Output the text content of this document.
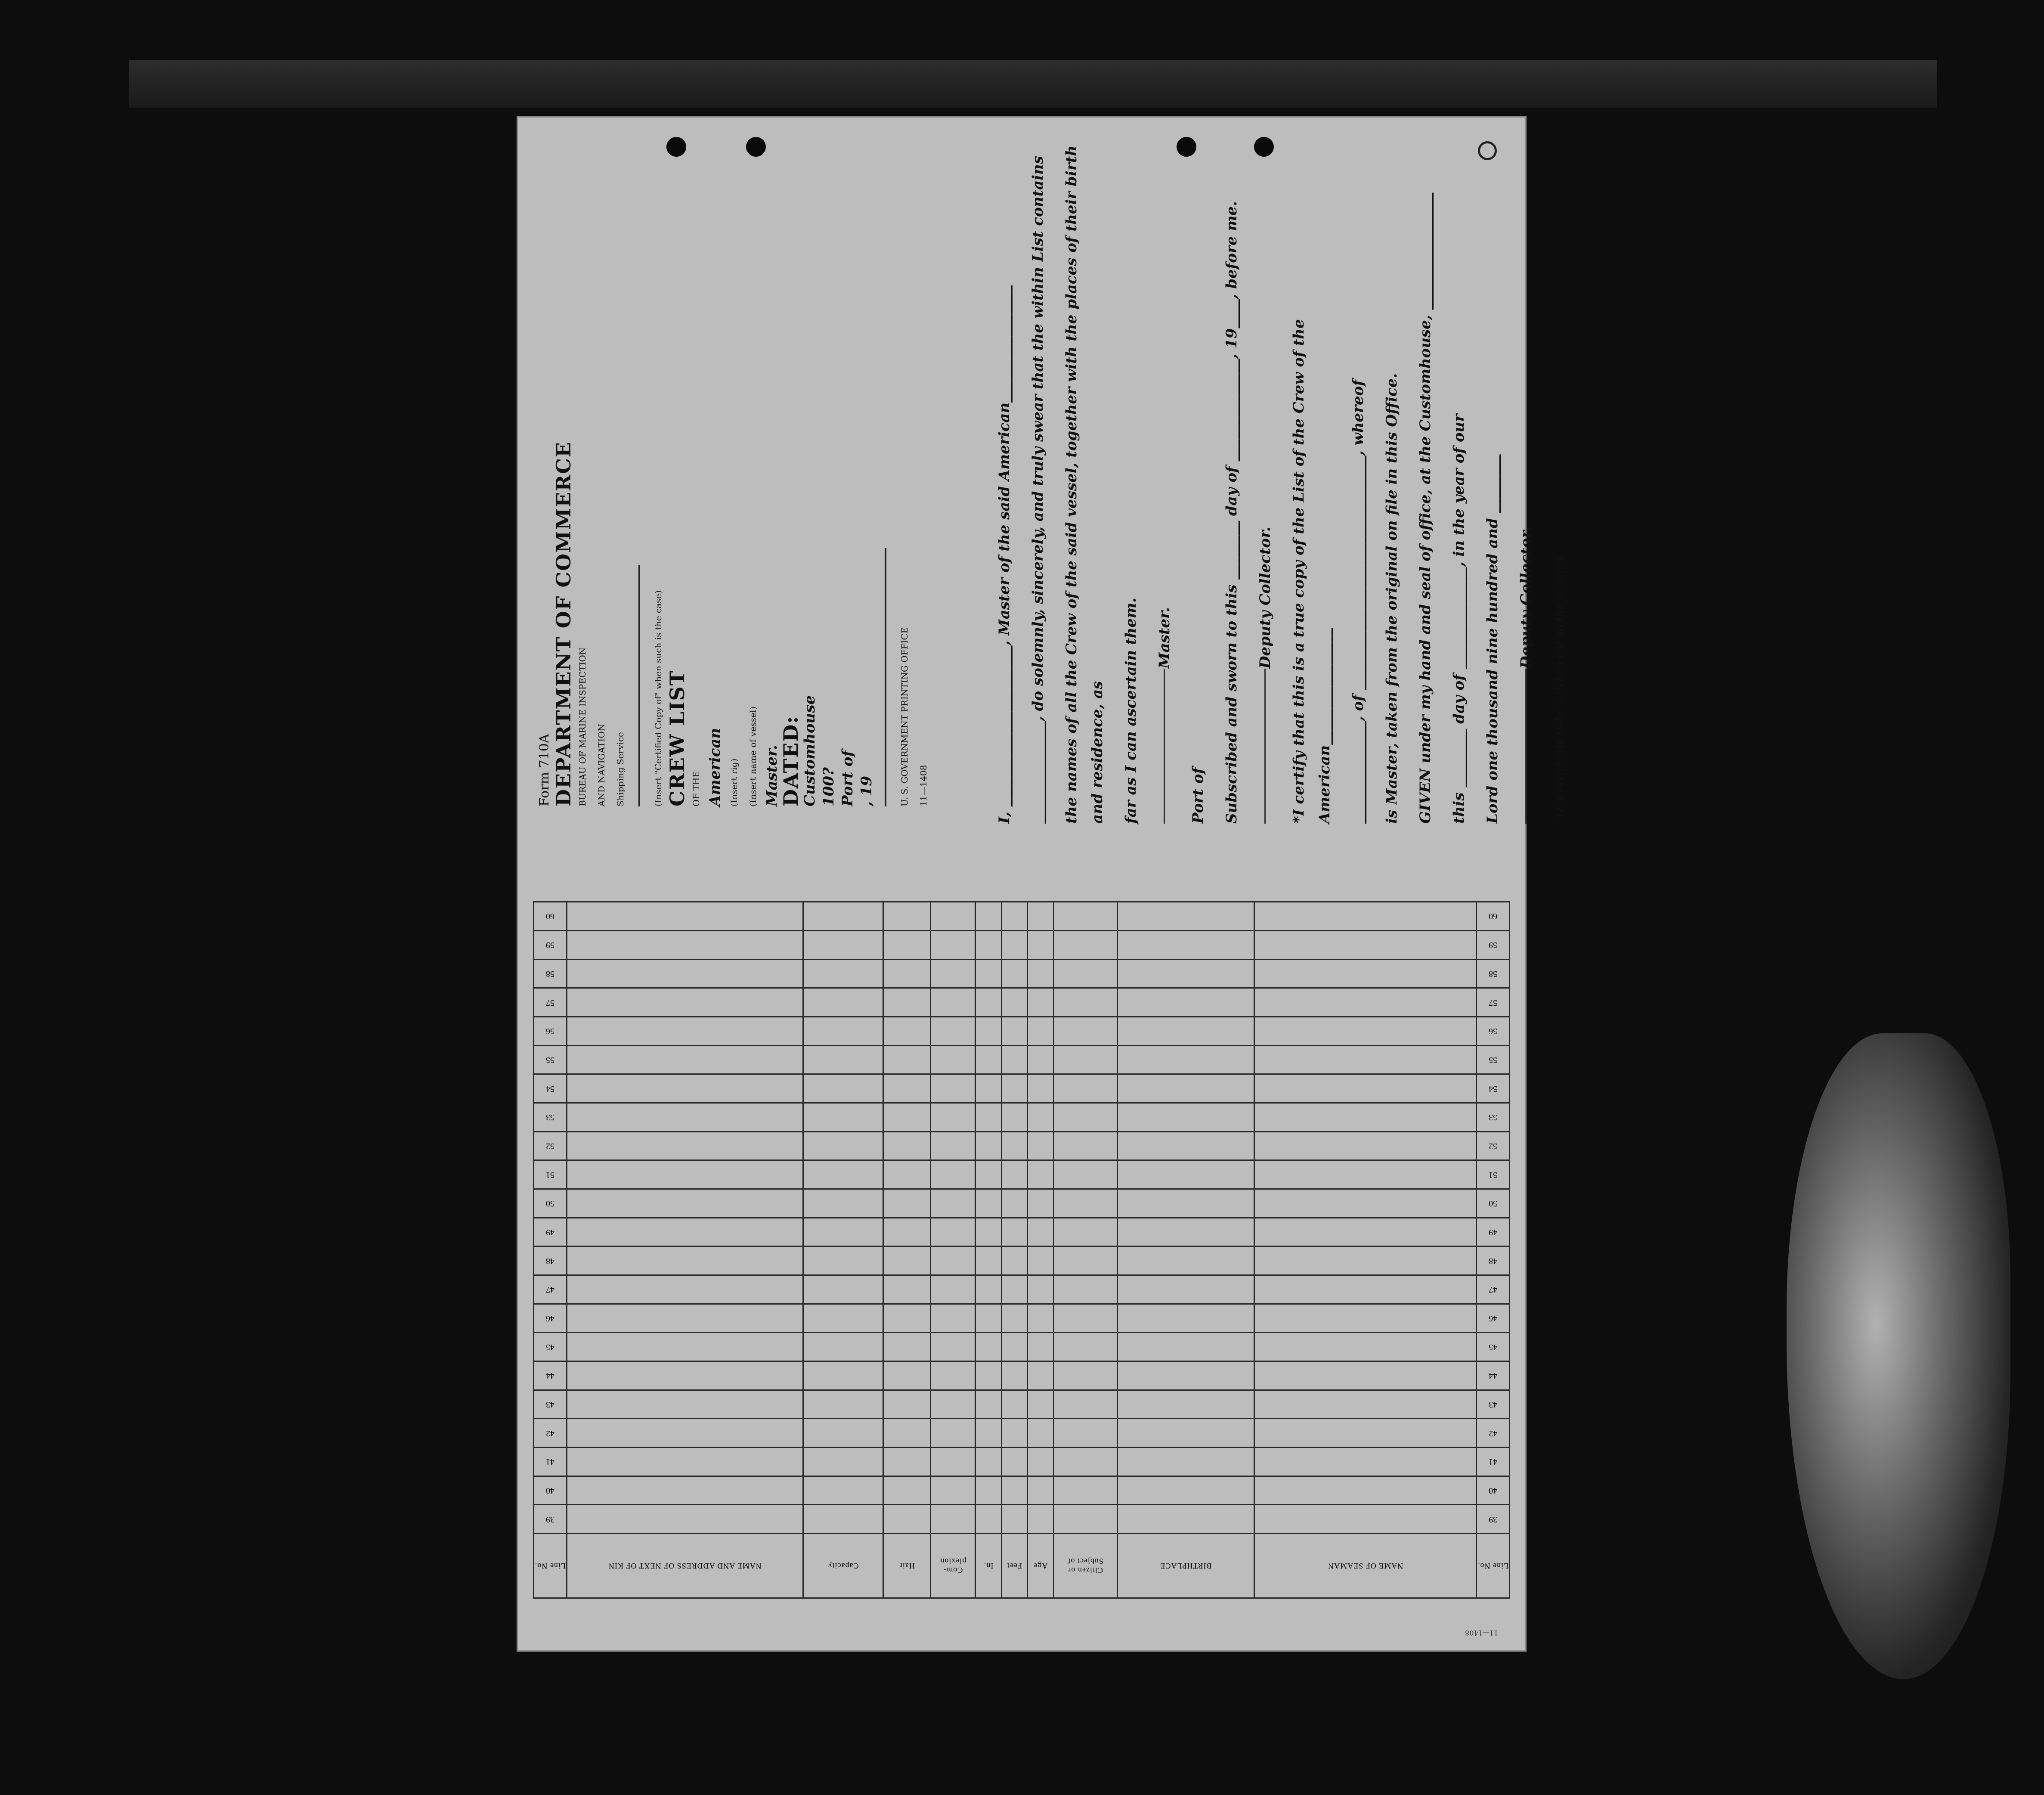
I, ______________________, Master of the said American________________ ______________, do solemnly, sincerely, and truly swear that the within List contains the names of all the Crew of the said vessel, together with the places of their birth and residence, as far as I can ascertain them. Master.

Port of Subscribed and sworn to this ________ day of ______________, 19____, before me. Deputy Collector. *I certify that this is a true copy of the List of the Crew of the American________________ ______________, of ________________________________, whereof is Master, taken from the original on file in this Office. GIVEN under my hand and seal of office, at the Customhouse, ________________ this ________ day of ______________, in the year of our Lord one thousand nine hundred and ________ Deputy Collector.	*This certificate to be stricken out on the Original.

Form 710A DEPARTMENT OF COMMERCE BUREAU OF MARINE INSPECTION	AND NAVIGATION	Shipping Service	(Insert "Certified Copy of" when such is the case) CREW LIST OF THE American (Insert rig)	(Insert name of vessel) Master.
DATED:
Customhouse 100? Port of , 19	U. S. GOVERNMENT PRINTING OFFICE	11—1408
Line No.	NAME OF SEAMAN	BIRTHPLACE	Citizen or Subject of	Age	Feet	In.	Com-plexion	Hair	Capacity	NAME AND ADDRESS OF NEXT OF KIN	Line No.
39											39
40											40
41											41
42											42
43											43
44											44
45											45
46											46
47											47
48											48
49											49
50											50
51											51
52											52
53											53
54											54
55											55
56											56
57											57
58											58
59											59
60											60
11—1408
